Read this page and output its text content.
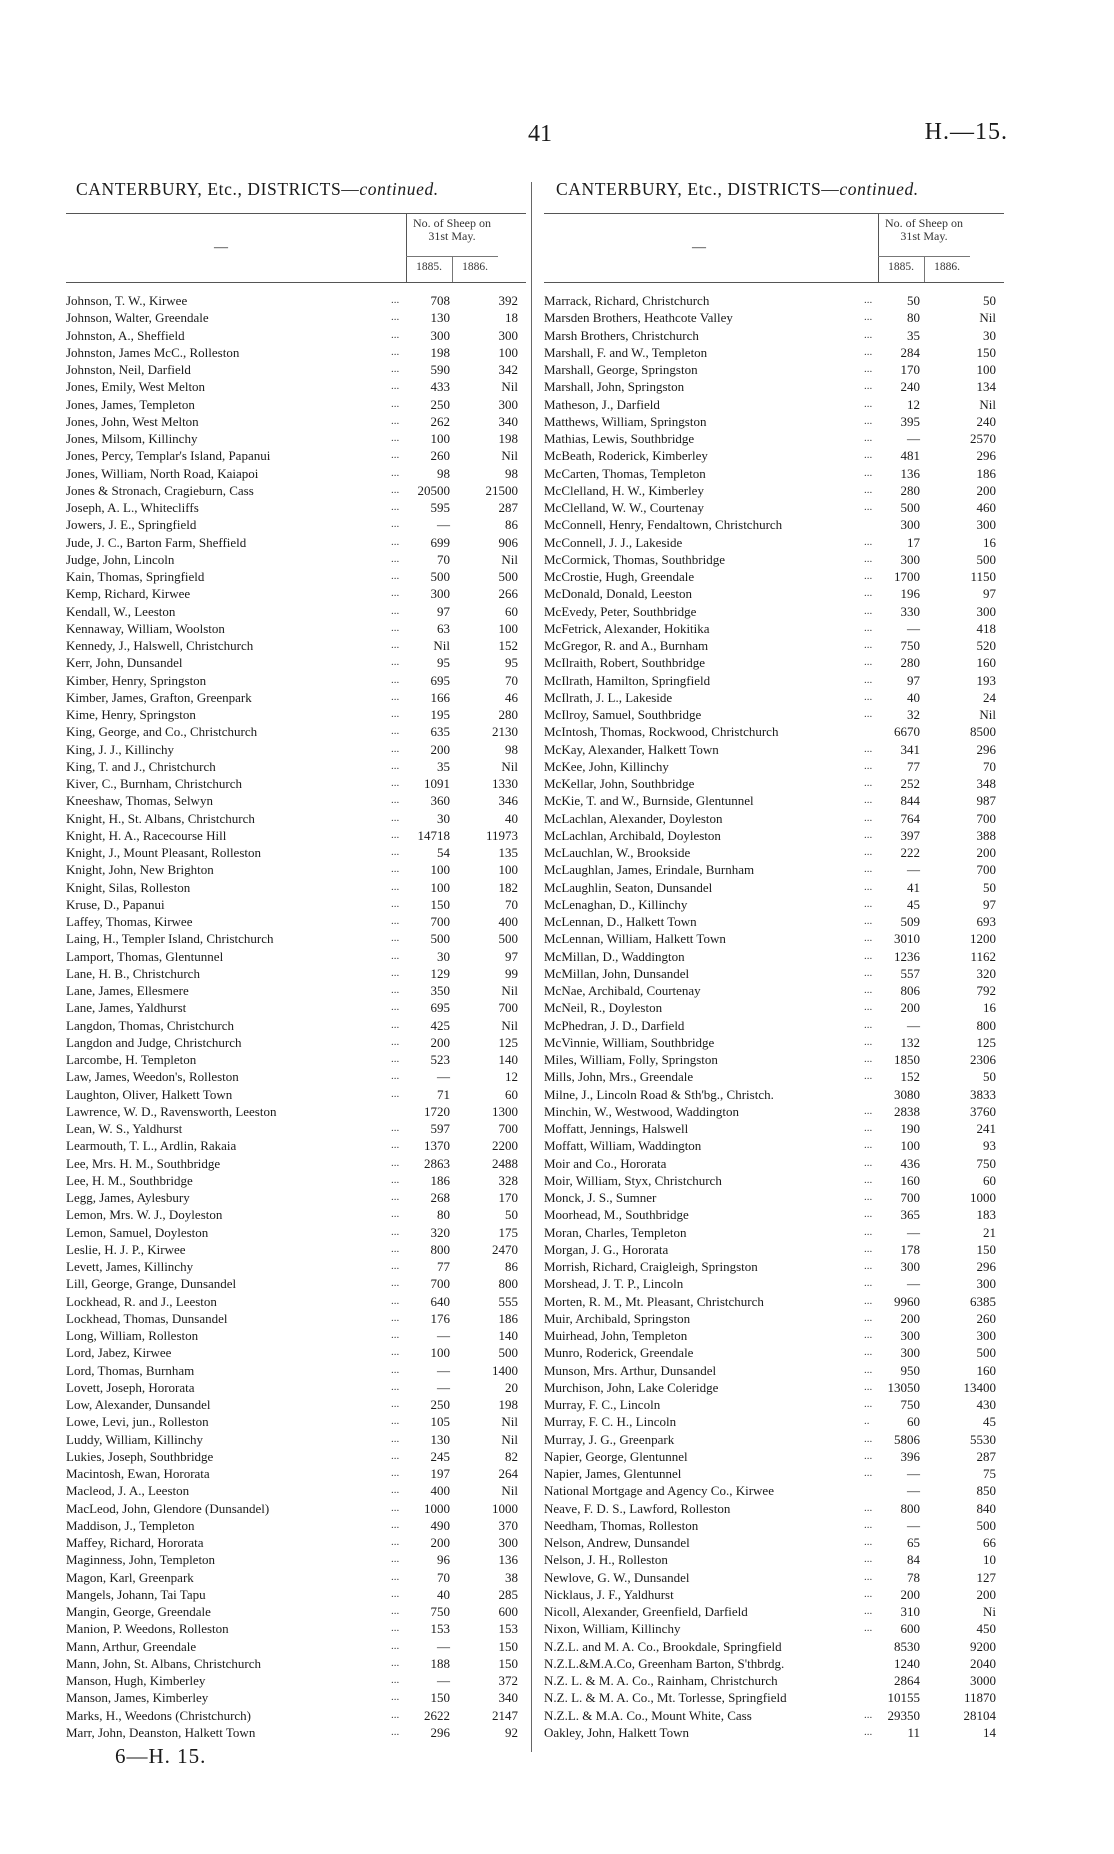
41	H.—15.
CANTERBURY, Etc., DISTRICTS—continued.
—
No. of Sheep on 31st May.
1885.	1886.
Johnson, T. W., Kirwee	...	708	392
Johnson, Walter, Greendale	...	130	18
Johnston, A., Sheffield	...	300	300
Johnston, James McC., Rolleston	...	198	100
Johnston, Neil, Darfield	...	590	342
Jones, Emily, West Melton	...	433	Nil
Jones, James, Templeton	...	250	300
Jones, John, West Melton	...	262	340
Jones, Milsom, Killinchy	...	100	198
Jones, Percy, Templar's Island, Papanui	...	260	Nil
Jones, William, North Road, Kaiapoi	...	98	98
Jones & Stronach, Cragieburn, Cass	...	20500	21500
Joseph, A. L., Whitecliffs	...	595	287
Jowers, J. E., Springfield	...	—	86
Jude, J. C., Barton Farm, Sheffield	...	699	906
Judge, John, Lincoln	...	70	Nil
Kain, Thomas, Springfield	...	500	500
Kemp, Richard, Kirwee	...	300	266
Kendall, W., Leeston	...	97	60
Kennaway, William, Woolston	...	63	100
Kennedy, J., Halswell, Christchurch	...	Nil	152
Kerr, John, Dunsandel	...	95	95
Kimber, Henry, Springston	...	695	70
Kimber, James, Grafton, Greenpark	...	166	46
Kime, Henry, Springston	...	195	280
King, George, and Co., Christchurch	...	635	2130
King, J. J., Killinchy	...	200	98
King, T. and J., Christchurch	...	35	Nil
Kiver, C., Burnham, Christchurch	...	1091	1330
Kneeshaw, Thomas, Selwyn	...	360	346
Knight, H., St. Albans, Christchurch	...	30	40
Knight, H. A., Racecourse Hill	...	14718	11973
Knight, J., Mount Pleasant, Rolleston	...	54	135
Knight, John, New Brighton	...	100	100
Knight, Silas, Rolleston	...	100	182
Kruse, D., Papanui	...	150	70
Laffey, Thomas, Kirwee	...	700	400
Laing, H., Templer Island, Christchurch	...	500	500
Lamport, Thomas, Glentunnel	...	30	97
Lane, H. B., Christchurch	...	129	99
Lane, James, Ellesmere	...	350	Nil
Lane, James, Yaldhurst	...	695	700
Langdon, Thomas, Christchurch	...	425	Nil
Langdon and Judge, Christchurch	...	200	125
Larcombe, H. Templeton	...	523	140
Law, James, Weedon's, Rolleston	...	—	12
Laughton, Oliver, Halkett Town	...	71	60
Lawrence, W. D., Ravensworth, Leeston	1720	1300
Lean, W. S., Yaldhurst	...	597	700
Learmouth, T. L., Ardlin, Rakaia	...	1370	2200
Lee, Mrs. H. M., Southbridge	...	2863	2488
Lee, H. M., Southbridge	...	186	328
Legg, James, Aylesbury	...	268	170
Lemon, Mrs. W. J., Doyleston	...	80	50
Lemon, Samuel, Doyleston	...	320	175
Leslie, H. J. P., Kirwee	...	800	2470
Levett, James, Killinchy	...	77	86
Lill, George, Grange, Dunsandel	...	700	800
Lockhead, R. and J., Leeston	...	640	555
Lockhead, Thomas, Dunsandel	...	176	186
Long, William, Rolleston	...	—	140
Lord, Jabez, Kirwee	...	100	500
Lord, Thomas, Burnham	...	—	1400
Lovett, Joseph, Hororata	...	—	20
Low, Alexander, Dunsandel	...	250	198
Lowe, Levi, jun., Rolleston	...	105	Nil
Luddy, William, Killinchy	...	130	Nil
Lukies, Joseph, Southbridge	...	245	82
Macintosh, Ewan, Hororata	...	197	264
Macleod, J. A., Leeston	...	400	Nil
MacLeod, John, Glendore (Dunsandel)	...	1000	1000
Maddison, J., Templeton	...	490	370
Maffey, Richard, Hororata	...	200	300
Maginness, John, Templeton	...	96	136
Magon, Karl, Greenpark	...	70	38
Mangels, Johann, Tai Tapu	...	40	285
Mangin, George, Greendale	...	750	600
Manion, P. Weedons, Rolleston	...	153	153
Mann, Arthur, Greendale	...	—	150
Mann, John, St. Albans, Christchurch	...	188	150
Manson, Hugh, Kimberley	...	—	372
Manson, James, Kimberley	...	150	340
Marks, H., Weedons (Christchurch)	...	2622	2147
Marr, John, Deanston, Halkett Town	...	296	92
CANTERBURY, Etc., DISTRICTS—continued.
—
No. of Sheep on 31st May.
1885.	1886.
Marrack, Richard, Christchurch	...	50	50
Marsden Brothers, Heathcote Valley	...	80	Nil
Marsh Brothers, Christchurch	...	35	30
Marshall, F. and W., Templeton	...	284	150
Marshall, George, Springston	...	170	100
Marshall, John, Springston	...	240	134
Matheson, J., Darfield	...	12	Nil
Matthews, William, Springston	...	395	240
Mathias, Lewis, Southbridge	...	—	2570
McBeath, Roderick, Kimberley	...	481	296
McCarten, Thomas, Templeton	...	136	186
McClelland, H. W., Kimberley	...	280	200
McClelland, W. W., Courtenay	...	500	460
McConnell, Henry, Fendaltown, Christchurch	300	300
McConnell, J. J., Lakeside	...	17	16
McCormick, Thomas, Southbridge	...	300	500
McCrostie, Hugh, Greendale	...	1700	1150
McDonald, Donald, Leeston	...	196	97
McEvedy, Peter, Southbridge	...	330	300
McFetrick, Alexander, Hokitika	...	—	418
McGregor, R. and A., Burnham	...	750	520
McIlraith, Robert, Southbridge	...	280	160
McIlrath, Hamilton, Springfield	...	97	193
McIlrath, J. L., Lakeside	...	40	24
McIlroy, Samuel, Southbridge	...	32	Nil
McIntosh, Thomas, Rockwood, Christchurch	6670	8500
McKay, Alexander, Halkett Town	...	341	296
McKee, John, Killinchy	...	77	70
McKellar, John, Southbridge	...	252	348
McKie, T. and W., Burnside, Glentunnel	...	844	987
McLachlan, Alexander, Doyleston	...	764	700
McLachlan, Archibald, Doyleston	...	397	388
McLauchlan, W., Brookside	...	222	200
McLaughlan, James, Erindale, Burnham	...	—	700
McLaughlin, Seaton, Dunsandel	...	41	50
McLenaghan, D., Killinchy	...	45	97
McLennan, D., Halkett Town	...	509	693
McLennan, William, Halkett Town	...	3010	1200
McMillan, D., Waddington	...	1236	1162
McMillan, John, Dunsandel	...	557	320
McNae, Archibald, Courtenay	...	806	792
McNeil, R., Doyleston	...	200	16
McPhedran, J. D., Darfield	...	—	800
McVinnie, William, Southbridge	...	132	125
Miles, William, Folly, Springston	...	1850	2306
Mills, John, Mrs., Greendale	...	152	50
Milne, J., Lincoln Road & Sth'bg., Christch.	3080	3833
Minchin, W., Westwood, Waddington	...	2838	3760
Moffatt, Jennings, Halswell	...	190	241
Moffatt, William, Waddington	...	100	93
Moir and Co., Hororata	...	436	750
Moir, William, Styx, Christchurch	...	160	60
Monck, J. S., Sumner	...	700	1000
Moorhead, M., Southbridge	...	365	183
Moran, Charles, Templeton	...	—	21
Morgan, J. G., Hororata	...	178	150
Morrish, Richard, Craigleigh, Springston	...	300	296
Morshead, J. T. P., Lincoln	...	—	300
Morten, R. M., Mt. Pleasant, Christchurch	...	9960	6385
Muir, Archibald, Springston	...	200	260
Muirhead, John, Templeton	...	300	300
Munro, Roderick, Greendale	...	300	500
Munson, Mrs. Arthur, Dunsandel	...	950	160
Murchison, John, Lake Coleridge	...	13050	13400
Murray, F. C., Lincoln	...	750	430
Murray, F. C. H., Lincoln	..	60	45
Murray, J. G., Greenpark	...	5806	5530
Napier, George, Glentunnel	...	396	287
Napier, James, Glentunnel	...	—	75
National Mortgage and Agency Co., Kirwee	—	850
Neave, F. D. S., Lawford, Rolleston	...	800	840
Needham, Thomas, Rolleston	...	—	500
Nelson, Andrew, Dunsandel	...	65	66
Nelson, J. H., Rolleston	...	84	10
Newlove, G. W., Dunsandel	...	78	127
Nicklaus, J. F., Yaldhurst	...	200	200
Nicoll, Alexander, Greenfield, Darfield	...	310	Ni
Nixon, William, Killinchy	...	600	450
N.Z.L. and M. A. Co., Brookdale, Springfield	8530	9200
N.Z.L.&M.A.Co, Greenham Barton, S'thbrdg.	1240	2040
N.Z. L. & M. A. Co., Rainham, Christchurch	2864	3000
N.Z. L. & M. A. Co., Mt. Torlesse, Springfield	10155	11870
N.Z.L. & M.A. Co., Mount White, Cass	...	29350	28104
Oakley, John, Halkett Town	...	11	14
6—H. 15.
